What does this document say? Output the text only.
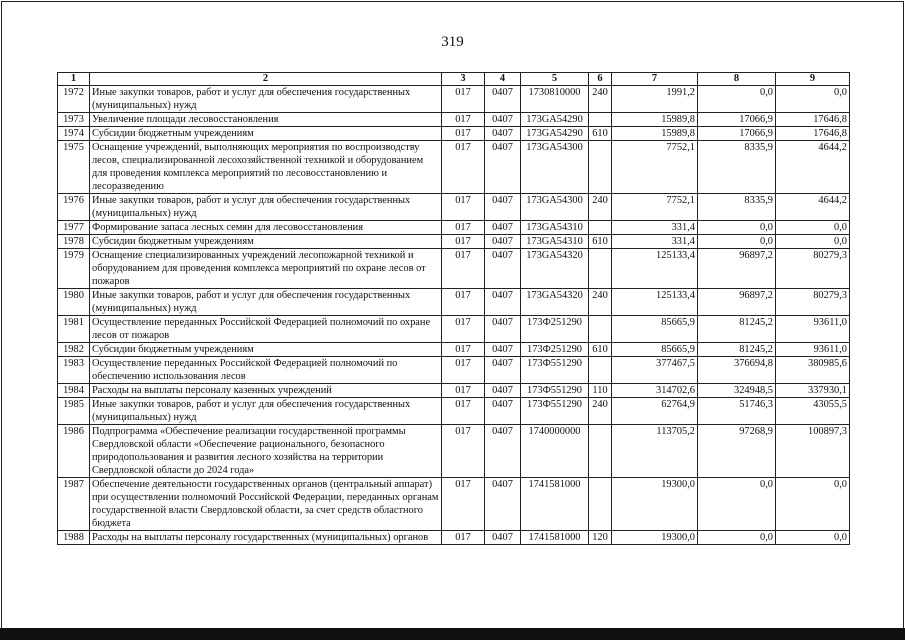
319
1	2	3	4	5	6	7	8	9
1972	Иные закупки товаров, работ и услуг для обеспечения государственных (муниципальных) нужд	017	0407	1730810000	240	1991,2	0,0	0,0
1973	Увеличение площади лесовосстановления	017	0407	173GA54290		15989,8	17066,9	17646,8
1974	Субсидии бюджетным учреждениям	017	0407	173GA54290	610	15989,8	17066,9	17646,8
1975	Оснащение учреждений, выполняющих мероприятия по воспроизводству лесов, специализированной лесохозяйственной техникой и оборудованием для проведения комплекса мероприятий по лесовосстановлению и лесоразведению	017	0407	173GA54300		7752,1	8335,9	4644,2
1976	Иные закупки товаров, работ и услуг для обеспечения государственных (муниципальных) нужд	017	0407	173GA54300	240	7752,1	8335,9	4644,2
1977	Формирование запаса лесных семян для лесовосстановления	017	0407	173GA54310		331,4	0,0	0,0
1978	Субсидии бюджетным учреждениям	017	0407	173GA54310	610	331,4	0,0	0,0
1979	Оснащение специализированных учреждений лесопожарной техникой и оборудованием для проведения комплекса мероприятий по охране лесов от пожаров	017	0407	173GA54320		125133,4	96897,2	80279,3
1980	Иные закупки товаров, работ и услуг для обеспечения государственных (муниципальных) нужд	017	0407	173GA54320	240	125133,4	96897,2	80279,3
1981	Осуществление переданных Российской Федерацией полномочий по охране лесов от пожаров	017	0407	173Ф251290		85665,9	81245,2	93611,0
1982	Субсидии бюджетным учреждениям	017	0407	173Ф251290	610	85665,9	81245,2	93611,0
1983	Осуществление переданных Российской Федерацией полномочий по обеспечению использования лесов	017	0407	173Ф551290		377467,5	376694,8	380985,6
1984	Расходы на выплаты персоналу казенных учреждений	017	0407	173Ф551290	110	314702,6	324948,5	337930,1
1985	Иные закупки товаров, работ и услуг для обеспечения государственных (муниципальных) нужд	017	0407	173Ф551290	240	62764,9	51746,3	43055,5
1986	Подпрограмма «Обеспечение реализации государственной программы Свердловской области «Обеспечение рационального, безопасного природопользования и развития лесного хозяйства на территории Свердловской области до 2024 года»	017	0407	1740000000		113705,2	97268,9	100897,3
1987	Обеспечение деятельности государственных органов (центральный аппарат) при осуществлении полномочий Российской Федерации, переданных органам государственной власти Свердловской области, за счет средств областного бюджета	017	0407	1741581000		19300,0	0,0	0,0
1988	Расходы на выплаты персоналу государственных (муниципальных) органов	017	0407	1741581000	120	19300,0	0,0	0,0
